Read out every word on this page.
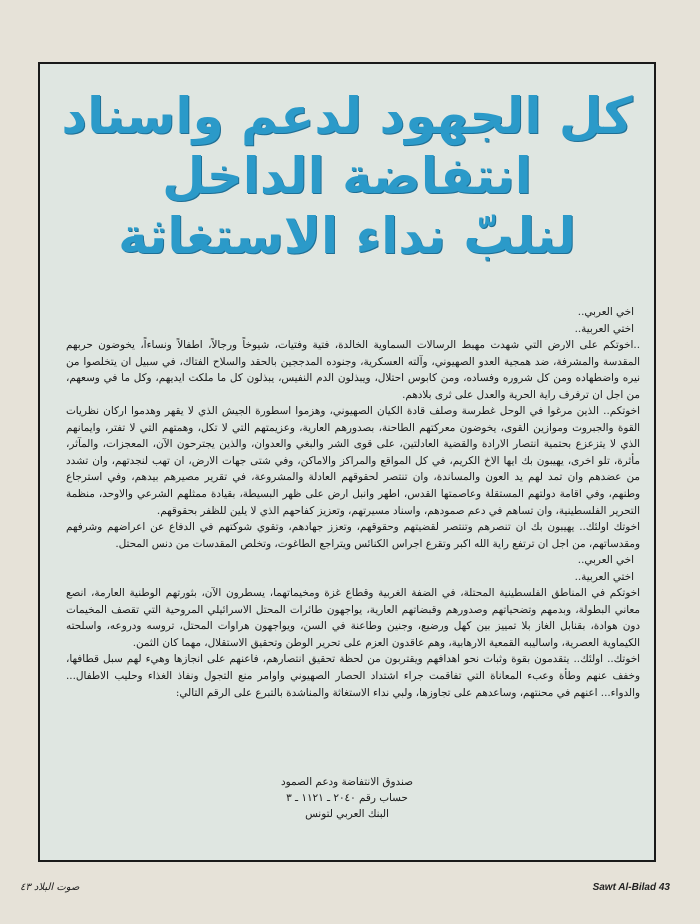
كل الجهود لدعم واسناد
انتفاضة الداخل
لنلبّ نداء الاستغاثة

اخي العربي..

اختي العربية..

..اخوتكم على الارض التي شهدت مهبط الرسالات السماوية الخالدة، فتية وفتيات، شيوخاً ورجالاً، اطفالاً ونساءاً، يخوضون حربهم المقدسة والمشرفة، ضد همجية العدو الصهيوني، وآلته العسكرية، وجنوده المدججين بالحقد والسلاح الفتاك، في سبيل ان يتخلصوا من نيره واضطهاده ومن كل شروره وفساده، ومن كابوس احتلال، ويبذلون الدم النفيس، يبذلون كل ما ملكت ايديهم، وكل ما في وسعهم، من اجل ان ترفرف راية الحرية والعدل على ثرى بلادهم.

اخوتكم.. الذين مرغوا في الوحل غطرسة وصلف قادة الكيان الصهيوني، وهزموا اسطورة الجيش الذي لا يقهر وهدموا اركان نظريات القوة والجبروت وموازين القوى، يخوضون معركتهم الطاحنة، بصدورهم العارية، وعزيمتهم التي لا تكل، وهمتهم التي لا تفتر، وايمانهم الذي لا يتزعزع بحتمية انتصار الارادة والقضية العادلتين، على قوى الشر والبغي والعدوان، والذين يجترحون الآن، المعجزات، والمآثر، مأثرة، تلو اخرى، يهيبون بك ايها الاخ الكريم، في كل المواقع والمراكز والاماكن، وفي شتى جهات الارض، ان تهب لنجدتهم، وان تشدد من عضدهم وان تمد لهم يد العون والمساندة، وان تنتصر لحقوقهم العادلة والمشروعة، في تقرير مصيرهم بيدهم، وفي استرجاع وطنهم، وفي اقامة دولتهم المستقلة وعاصمتها القدس، اطهر وانبل ارض على ظهر البسيطة، بقيادة ممثلهم الشرعي والاوحد، منظمة التحرير الفلسطينية، وان تساهم في دعم صمودهم، واسناد مسيرتهم، وتعزيز كفاحهم الذي لا يلين للظفر بحقوقهم.

اخوتك اولئك.. يهيبون بك ان تنصرهم وتنتصر لقضيتهم وحقوقهم، وتعزز جهادهم، وتقوي شوكتهم في الدفاع عن اعراضهم وشرفهم ومقدساتهم، من اجل ان ترتفع راية الله اكبر وتقرع اجراس الكنائس ويتراجع الطاغوت، وتخلص المقدسات من دنس المحتل.

اخي العربي..

اختي العربية..

اخوتكم في المناطق الفلسطينية المحتلة، في الضفة الغربية وقطاع غزة ومخيماتهما، يسطرون الآن، بثورتهم الوطنية العارمة، انصع معاني البطولة، وبدمهم وتضحياتهم وصدورهم وقبضاتهم العارية، يواجهون طائرات المحتل الاسرائيلي المروحية التي تقصف المخيمات دون هوادة، بقنابل الغاز بلا تمييز بين كهل ورضيع، وجنين وطاعنة في السن، ويواجهون هراوات المحتل، تروسه ودروعه، واسلحته الكيماوية العصرية، واساليبه القمعية الارهابية، وهم عاقدون العزم على تحرير الوطن وتحقيق الاستقلال، مهما كان الثمن.

اخوتك.. اولئك.. يتقدمون بقوة وثبات نحو اهدافهم ويقتربون من لحظة تحقيق انتصارهم، فاعنهم على انجازها وهيء لهم سبل قطافها، وخفف عنهم وطأة وعبء المعاناة التي تفاقمت جراء اشتداد الحصار الصهيوني واوامر منع التجول ونفاذ الغذاء وحليب الاطفال... والدواء... اعنهم في محنتهم، وساعدهم على تجاوزها، ولبي نداء الاستغاثة والمناشدة بالتبرع على الرقم التالي:

صندوق الانتفاضة ودعم الصمود
حساب رقم ٢٠٤٠ ـ ١١٢١ ـ ٣
البنك العربي لتونس
صوت البلاد ٤٣	Sawt Al-Bilad 43
